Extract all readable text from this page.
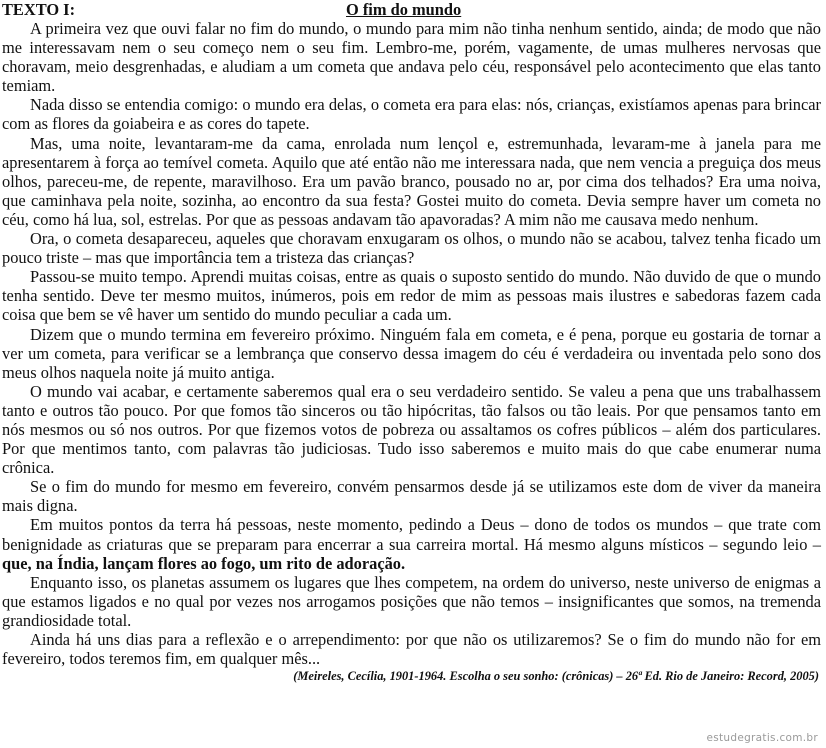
TEXTO I:	O fim do mundo

A primeira vez que ouvi falar no fim do mundo, o mundo para mim não tinha nenhum sentido, ainda; de modo que não me interessavam nem o seu começo nem o seu fim. Lembro-me, porém, vagamente, de umas mulheres nervosas que choravam, meio desgrenhadas, e aludiam a um cometa que andava pelo céu, responsável pelo acontecimento que elas tanto temiam.

Nada disso se entendia comigo: o mundo era delas, o cometa era para elas: nós, crianças, existíamos apenas para brincar com as flores da goiabeira e as cores do tapete.

Mas, uma noite, levantaram-me da cama, enrolada num lençol e, estremunhada, levaram-me à janela para me apresentarem à força ao temível cometa. Aquilo que até então não me interessara nada, que nem vencia a preguiça dos meus olhos, pareceu-me, de repente, maravilhoso. Era um pavão branco, pousado no ar, por cima dos telhados? Era uma noiva, que caminhava pela noite, sozinha, ao encontro da sua festa? Gostei muito do cometa. Devia sempre haver um cometa no céu, como há lua, sol, estrelas. Por que as pessoas andavam tão apavoradas? A mim não me causava medo nenhum.

Ora, o cometa desapareceu, aqueles que choravam enxugaram os olhos, o mundo não se acabou, talvez tenha ficado um pouco triste – mas que importância tem a tristeza das crianças?

Passou-se muito tempo. Aprendi muitas coisas, entre as quais o suposto sentido do mundo. Não duvido de que o mundo tenha sentido. Deve ter mesmo muitos, inúmeros, pois em redor de mim as pessoas mais ilustres e sabedoras fazem cada coisa que bem se vê haver um sentido do mundo peculiar a cada um.

Dizem que o mundo termina em fevereiro próximo. Ninguém fala em cometa, e é pena, porque eu gostaria de tornar a ver um cometa, para verificar se a lembrança que conservo dessa imagem do céu é verdadeira ou inventada pelo sono dos meus olhos naquela noite já muito antiga.

O mundo vai acabar, e certamente saberemos qual era o seu verdadeiro sentido. Se valeu a pena que uns trabalhassem tanto e outros tão pouco. Por que fomos tão sinceros ou tão hipócritas, tão falsos ou tão leais. Por que pensamos tanto em nós mesmos ou só nos outros. Por que fizemos votos de pobreza ou assaltamos os cofres públicos – além dos particulares. Por que mentimos tanto, com palavras tão judiciosas. Tudo isso saberemos e muito mais do que cabe enumerar numa crônica.

Se o fim do mundo for mesmo em fevereiro, convém pensarmos desde já se utilizamos este dom de viver da maneira mais digna.

Em muitos pontos da terra há pessoas, neste momento, pedindo a Deus – dono de todos os mundos – que trate com benignidade as criaturas que se preparam para encerrar a sua carreira mortal. Há mesmo alguns místicos – segundo leio – que, na Índia, lançam flores ao fogo, um rito de adoração.

Enquanto isso, os planetas assumem os lugares que lhes competem, na ordem do universo, neste universo de enigmas a que estamos ligados e no qual por vezes nos arrogamos posições que não temos – insignificantes que somos, na tremenda grandiosidade total.

Ainda há uns dias para a reflexão e o arrependimento: por que não os utilizaremos? Se o fim do mundo não for em fevereiro, todos teremos fim, em qualquer mês...

(Meireles, Cecília, 1901-1964. Escolha o seu sonho: (crônicas) – 26ª Ed. Rio de Janeiro: Record, 2005)

estudegratis.com.br
